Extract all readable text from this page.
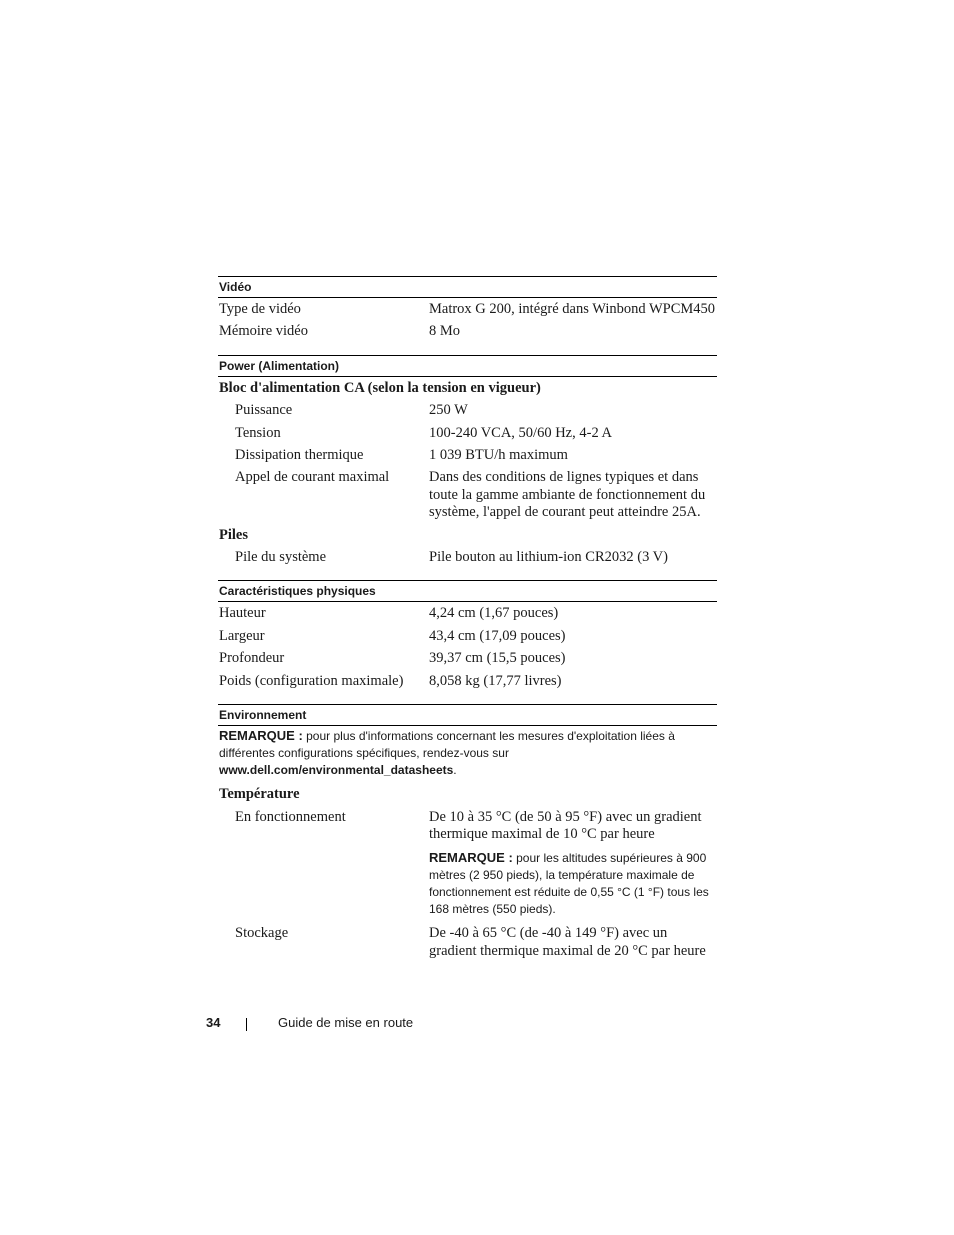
Vidéo
Type de vidéo	Matrox G 200, intégré dans Winbond WPCM450
Mémoire vidéo	8 Mo
Power (Alimentation)
Bloc d'alimentation CA (selon la tension en vigueur)
Puissance	250 W
Tension	100-240 VCA, 50/60 Hz, 4-2 A
Dissipation thermique	1 039 BTU/h maximum
Appel de courant maximal	Dans des conditions de lignes typiques et dans toute la gamme ambiante de fonctionnement du système, l'appel de courant peut atteindre 25A.
Piles
Pile du système	Pile bouton au lithium-ion CR2032 (3 V)
Caractéristiques physiques
Hauteur	4,24 cm (1,67 pouces)
Largeur	43,4 cm (17,09 pouces)
Profondeur	39,37 cm (15,5 pouces)
Poids (configuration maximale)	8,058 kg (17,77 livres)
Environnement
REMARQUE : pour plus d'informations concernant les mesures d'exploitation liées à différentes configurations spécifiques, rendez-vous sur www.dell.com/environmental_datasheets.
Température
En fonctionnement	De 10 à 35 °C (de 50 à 95 °F) avec un gradient thermique maximal de 10 °C par heure
REMARQUE : pour les altitudes supérieures à 900 mètres (2 950 pieds), la température maximale de fonctionnement est réduite de 0,55 °C (1 °F) tous les 168 mètres (550 pieds).
Stockage	De -40 à 65 °C (de -40 à 149 °F) avec un gradient thermique maximal de 20 °C par heure
34	Guide de mise en route
